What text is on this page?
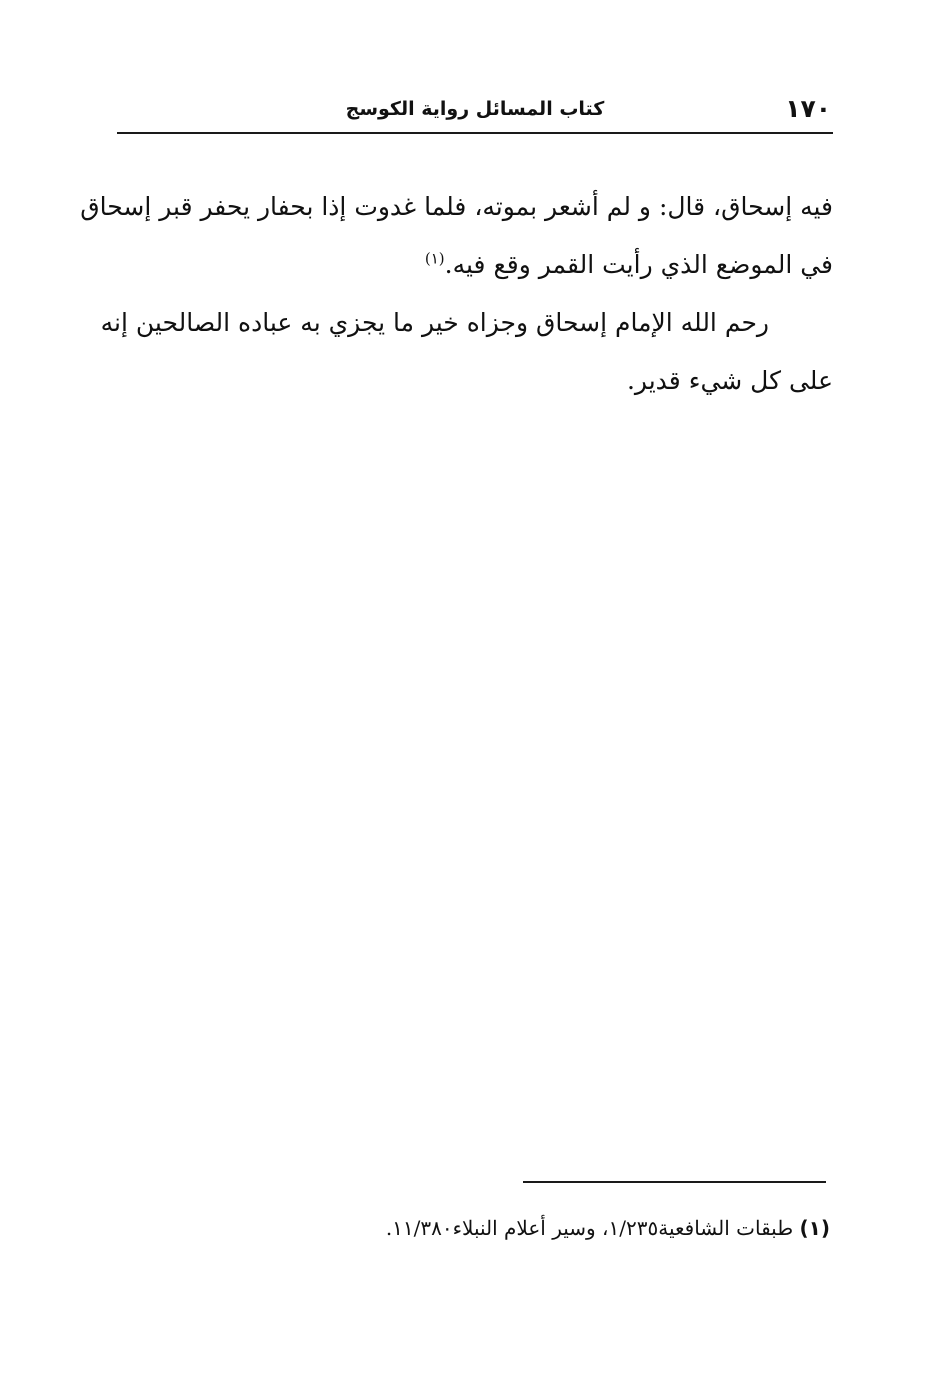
١٧٠
كتاب المسائل رواية الكوسج
فيه إسحاق، قال: و لم أشعر بموته، فلما غدوت إذا بحفار يحفر قبر إسحاق
في الموضع الذي رأيت القمر وقع فيه.$^{(١)}$
رحم الله الإمام إسحاق وجزاه خير ما يجزي به عباده الصالحين إنه
على كل شيء قدير.
(١) طبقات الشافعية١/٢٣٥، وسير أعلام النبلاء١١/٣٨٠.
